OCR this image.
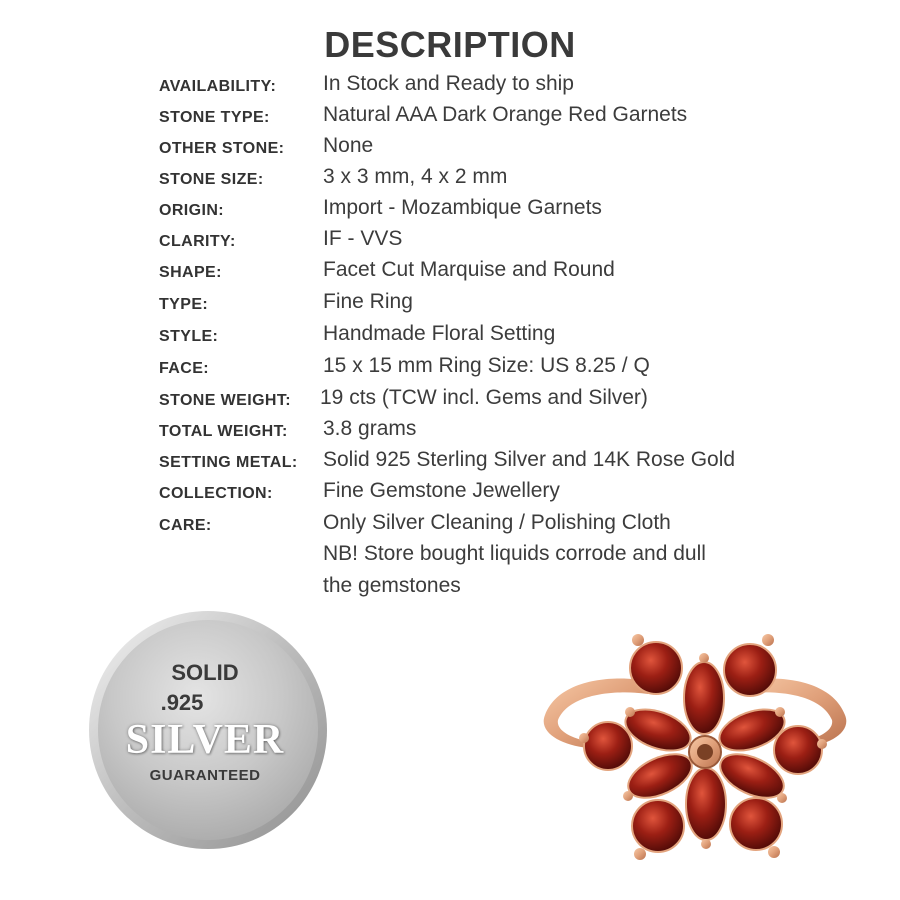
DESCRIPTION
AVAILABILITY: In Stock and Ready to ship
STONE TYPE:	Natural AAA Dark Orange Red Garnets
OTHER STONE: None
STONE SIZE:	3 x 3 mm, 4 x 2 mm
ORIGIN:	Import - Mozambique Garnets
CLARITY:	IF - VVS
SHAPE:	Facet Cut Marquise and Round
TYPE:	Fine Ring
STYLE:	Handmade Floral Setting
FACE:	15 x 15 mm Ring Size: US 8.25 / Q
STONE WEIGHT: 19 cts (TCW incl. Gems and Silver)
TOTAL WEIGHT: 3.8 grams
SETTING METAL: Solid 925 Sterling Silver and 14K Rose Gold
COLLECTION: Fine Gemstone Jewellery
CARE:	Only Silver Cleaning / Polishing Cloth
NB! Store bought liquids corrode and dull
the gemstones
SOLID
.925
SILVER
GUARANTEED
